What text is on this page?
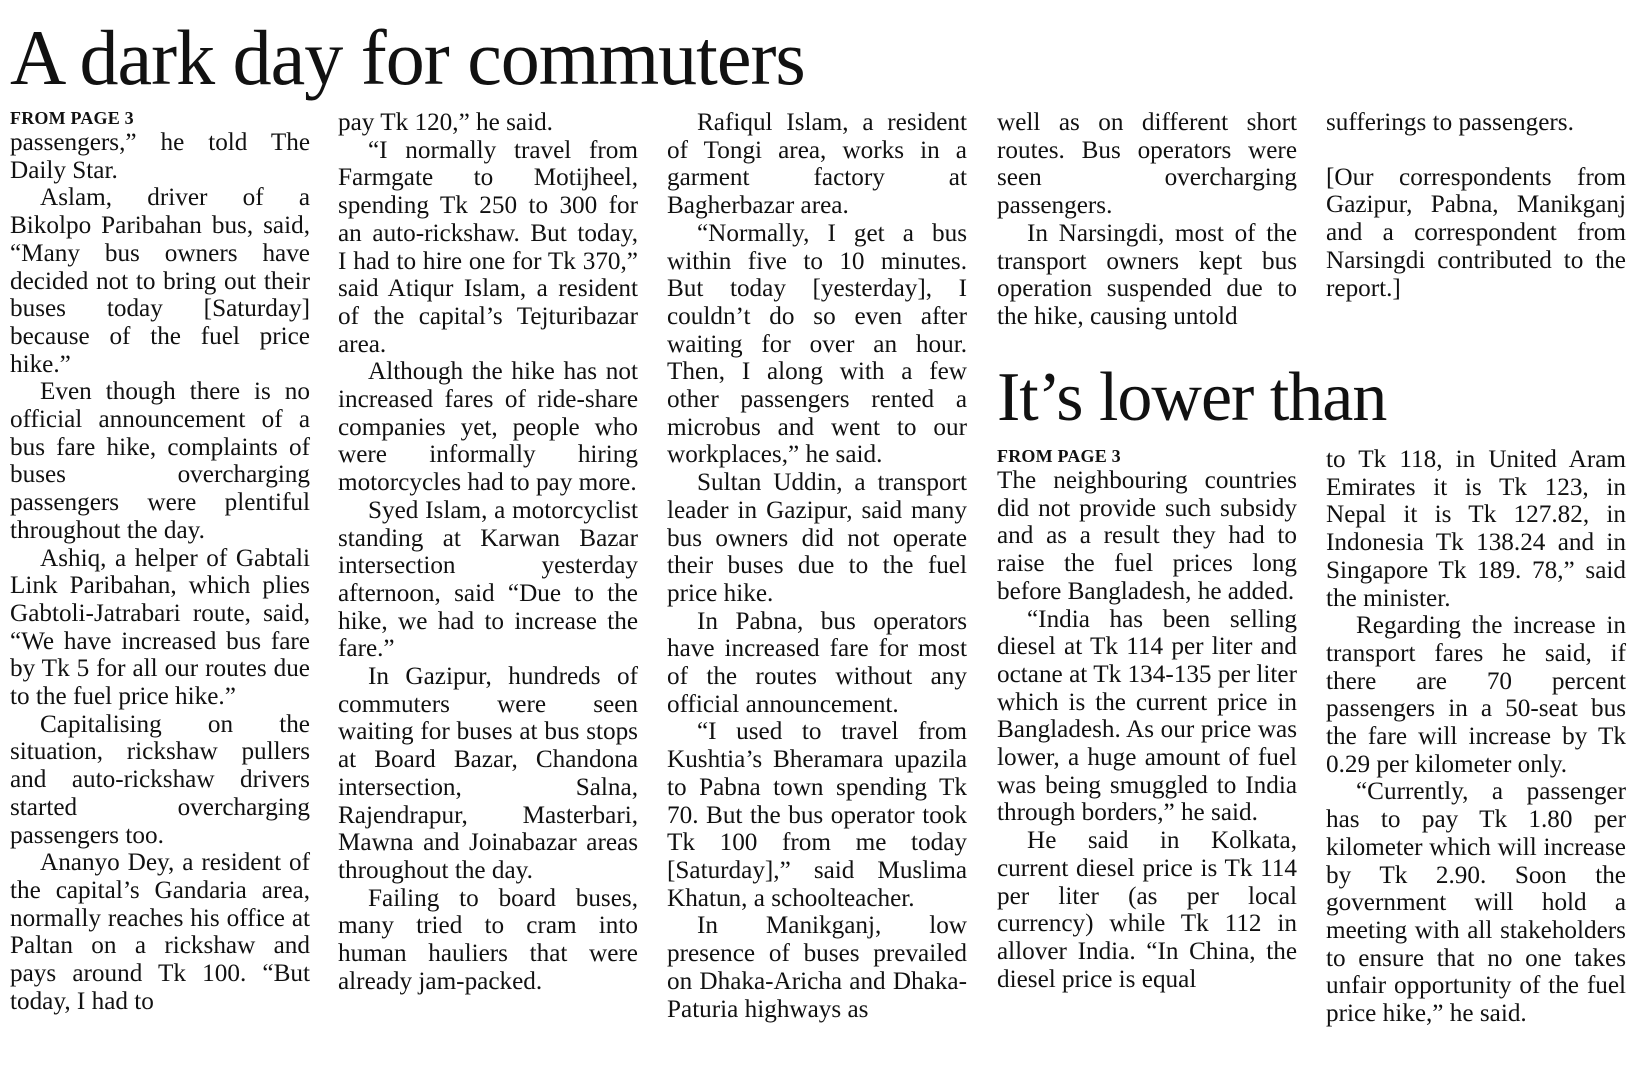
A dark day for commuters

FROM PAGE 3

passengers,” he told The Daily Star.

Aslam, driver of a Bikolpo Paribahan bus, said, “Many bus owners have decided not to bring out their buses today [Saturday] because of the fuel price hike.”

Even though there is no official announcement of a bus fare hike, complaints of buses overcharging passengers were plentiful throughout the day.

Ashiq, a helper of Gabtali Link Paribahan, which plies Gabtoli-Jatrabari route, said, “We have increased bus fare by Tk 5 for all our routes due to the fuel price hike.”

Capitalising on the situation, rickshaw pullers and auto-rickshaw drivers started overcharging passengers too.

Ananyo Dey, a resident of the capital’s Gandaria area, normally reaches his office at Paltan on a rickshaw and pays around Tk 100. “But today, I had to

pay Tk 120,” he said.

“I normally travel from Farmgate to Motijheel, spending Tk 250 to 300 for an auto-rickshaw. But today, I had to hire one for Tk 370,” said Atiqur Islam, a resident of the capital’s Tejturibazar area.

Although the hike has not increased fares of ride-share companies yet, people who were informally hiring motorcycles had to pay more.

Syed Islam, a motorcyclist standing at Karwan Bazar intersection yesterday afternoon, said “Due to the hike, we had to increase the fare.”

In Gazipur, hundreds of commuters were seen waiting for buses at bus stops at Board Bazar, Chandona intersection, Salna, Rajendrapur, Masterbari, Mawna and Joinabazar areas throughout the day.

Failing to board buses, many tried to cram into human hauliers that were already jam-packed.

Rafiqul Islam, a resident of Tongi area, works in a garment factory at Bagherbazar area.

“Normally, I get a bus within five to 10 minutes. But today [yesterday], I couldn’t do so even after waiting for over an hour. Then, I along with a few other passengers rented a microbus and went to our workplaces,” he said.

Sultan Uddin, a transport leader in Gazipur, said many bus owners did not operate their buses due to the fuel price hike.

In Pabna, bus operators have increased fare for most of the routes without any official announcement.

“I used to travel from Kushtia’s Bheramara upazila to Pabna town spending Tk 70. But the bus operator took Tk 100 from me today [Saturday],” said Muslima Khatun, a schoolteacher.

In Manikganj, low presence of buses prevailed on Dhaka-Aricha and Dhaka-Paturia highways as

well as on different short routes. Bus operators were seen overcharging passengers.

In Narsingdi, most of the transport owners kept bus operation suspended due to the hike, causing untold

sufferings to passengers.

[Our correspondents from Gazipur, Pabna, Manikganj and a correspondent from Narsingdi contributed to the report.]

It’s lower than

FROM PAGE 3

The neighbouring countries did not provide such subsidy and as a result they had to raise the fuel prices long before Bangladesh, he added.

“India has been selling diesel at Tk 114 per liter and octane at Tk 134-135 per liter which is the current price in Bangladesh. As our price was lower, a huge amount of fuel was being smuggled to India through borders,” he said.

He said in Kolkata, current diesel price is Tk 114 per liter (as per local currency) while Tk 112 in allover India. “In China, the diesel price is equal

to Tk 118, in United Aram Emirates it is Tk 123, in Nepal it is Tk 127.82, in Indonesia Tk 138.24 and in Singapore Tk 189. 78,” said the minister.

Regarding the increase in transport fares he said, if there are 70 percent passengers in a 50-seat bus the fare will increase by Tk 0.29 per kilometer only.

“Currently, a passenger has to pay Tk 1.80 per kilometer which will increase by Tk 2.90. Soon the government will hold a meeting with all stakeholders to ensure that no one takes unfair opportunity of the fuel price hike,” he said.
